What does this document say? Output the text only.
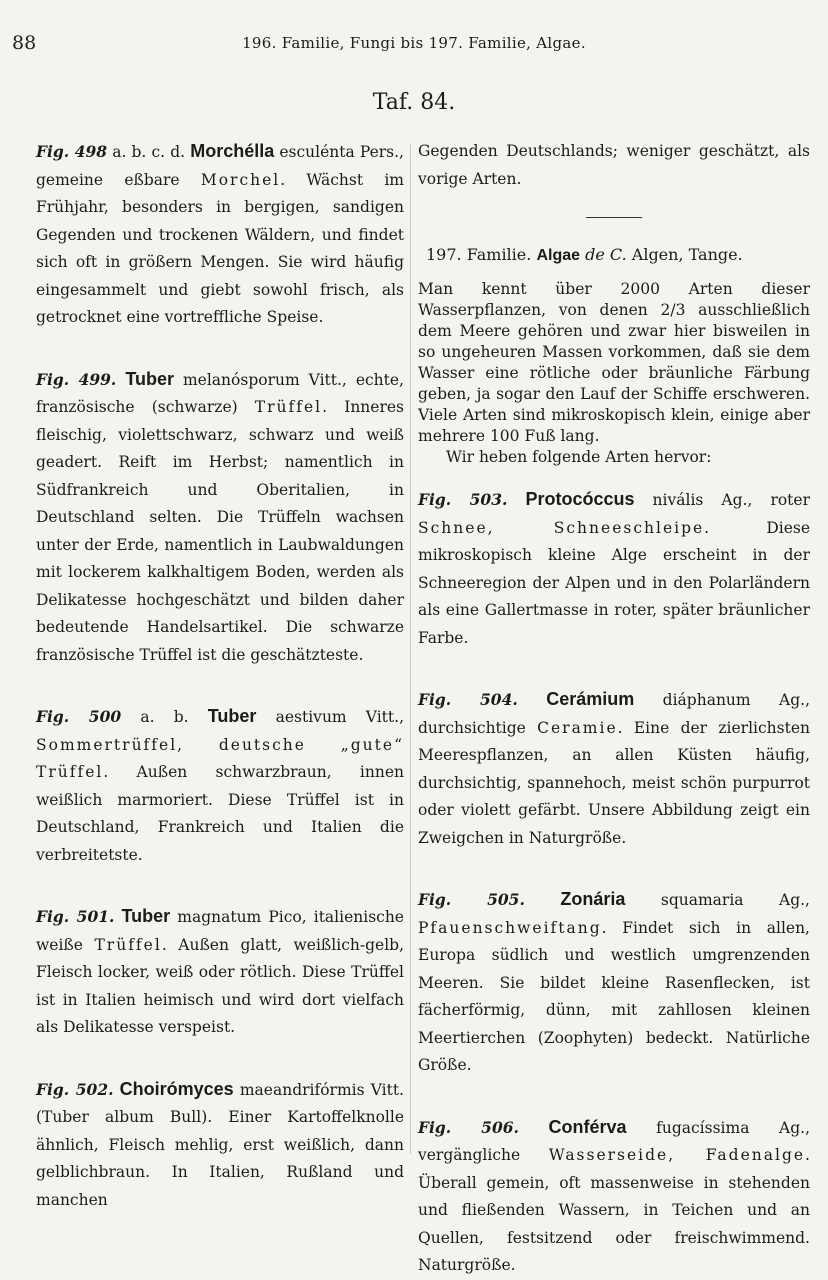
88	196. Familie, Fungi bis 197. Familie, Algae.
Taf. 84.

Fig. 498 a. b. c. d. Morchélla esculénta Pers., gemeine eßbare Morchel. Wächst im Frühjahr, besonders in bergigen, sandigen Gegenden und trockenen Wäldern, und findet sich oft in größern Mengen. Sie wird häufig eingesammelt und giebt sowohl frisch, als getrocknet eine vortreffliche Speise.

Fig. 499. Tuber melanósporum Vitt., echte, französische (schwarze) Trüffel. Inneres fleischig, violettschwarz, schwarz und weiß geadert. Reift im Herbst; namentlich in Südfrankreich und Oberitalien, in Deutschland selten. Die Trüffeln wachsen unter der Erde, namentlich in Laubwaldungen mit lockerem kalkhaltigem Boden, werden als Delikatesse hochgeschätzt und bilden daher bedeutende Handelsartikel. Die schwarze französische Trüffel ist die geschätzteste.

Fig. 500 a. b. Tuber aestivum Vitt., Sommertrüffel, deutsche „gute“ Trüffel. Außen schwarzbraun, innen weißlich marmoriert. Diese Trüffel ist in Deutschland, Frankreich und Italien die verbreitetste.

Fig. 501. Tuber magnatum Pico, italienische weiße Trüffel. Außen glatt, weißlich-gelb, Fleisch locker, weiß oder rötlich. Diese Trüffel ist in Italien heimisch und wird dort vielfach als Delikatesse verspeist.

Fig. 502. Choirómyces maeandrifórmis Vitt. (Tuber album Bull). Einer Kartoffelknolle ähnlich, Fleisch mehlig, erst weißlich, dann gelblichbraun. In Italien, Rußland und manchen

Gegenden Deutschlands; weniger geschätzt, als vorige Arten.

197. Familie. Algae de C. Algen, Tange.

Man kennt über 2000 Arten dieser Wasserpflanzen, von denen 2/3 ausschließlich dem Meere gehören und zwar hier bisweilen in so ungeheuren Massen vorkommen, daß sie dem Wasser eine rötliche oder bräunliche Färbung geben, ja sogar den Lauf der Schiffe erschweren. Viele Arten sind mikroskopisch klein, einige aber mehrere 100 Fuß lang.

Wir heben folgende Arten hervor:

Fig. 503. Protocóccus nivális Ag., roter Schnee, Schneeschleipe. Diese mikroskopisch kleine Alge erscheint in der Schneeregion der Alpen und in den Polarländern als eine Gallertmasse in roter, später bräunlicher Farbe.

Fig. 504. Cerámium diáphanum Ag., durchsichtige Ceramie. Eine der zierlichsten Meerespflanzen, an allen Küsten häufig, durchsichtig, spannehoch, meist schön purpurrot oder violett gefärbt. Unsere Abbildung zeigt ein Zweigchen in Naturgröße.

Fig. 505. Zonária squamaria Ag., Pfauenschweiftang. Findet sich in allen, Europa südlich und westlich umgrenzenden Meeren. Sie bildet kleine Rasenflecken, ist fächerförmig, dünn, mit zahllosen kleinen Meertierchen (Zoophyten) bedeckt. Natürliche Größe.

Fig. 506. Conférva fugacíssima Ag., vergängliche Wasserseide, Fadenalge. Überall gemein, oft massenweise in stehenden und fließenden Wassern, in Teichen und an Quellen, festsitzend oder freischwimmend. Naturgröße.
